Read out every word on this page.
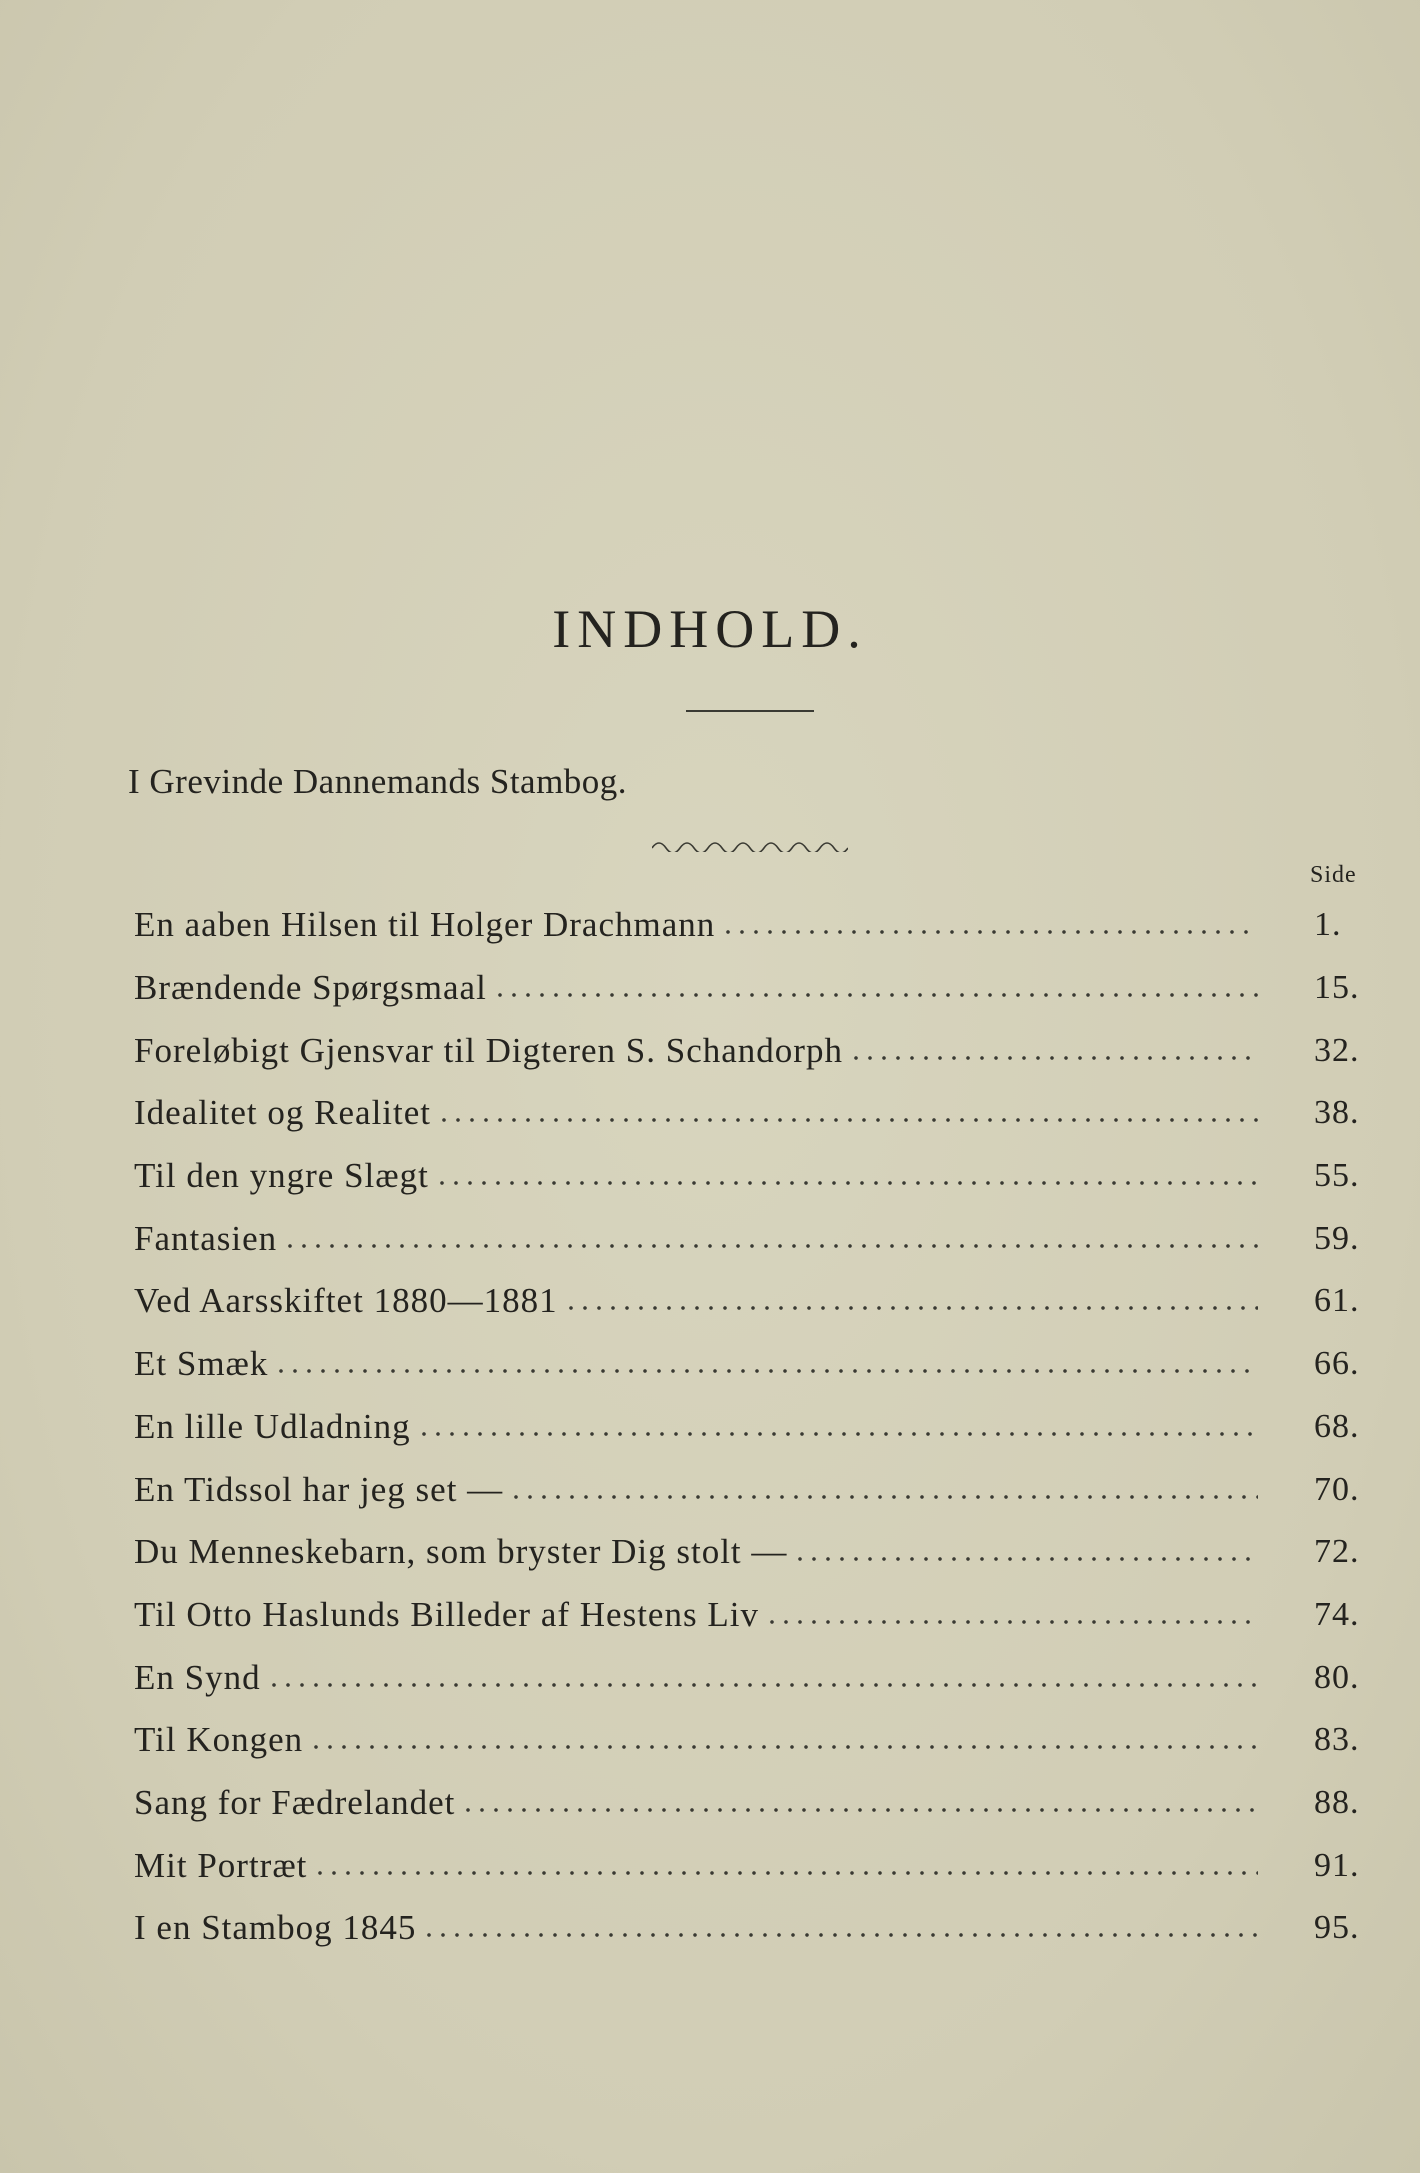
INDHOLD.
I Grevinde Dannemands Stambog.
Side
En aaben Hilsen til Holger Drachmann	1.
Brændende Spørgsmaal	15.
Foreløbigt Gjensvar til Digteren S. Schandorph	32.
Idealitet og Realitet	38.
Til den yngre Slægt	55.
Fantasien	59.
Ved Aarsskiftet 1880—1881	61.
Et Smæk	66.
En lille Udladning	68.
En Tidssol har jeg set —	70.
Du Menneskebarn, som bryster Dig stolt —	72.
Til Otto Haslunds Billeder af Hestens Liv	74.
En Synd	80.
Til Kongen	83.
Sang for Fædrelandet	88.
Mit Portræt	91.
I en Stambog 1845	95.
